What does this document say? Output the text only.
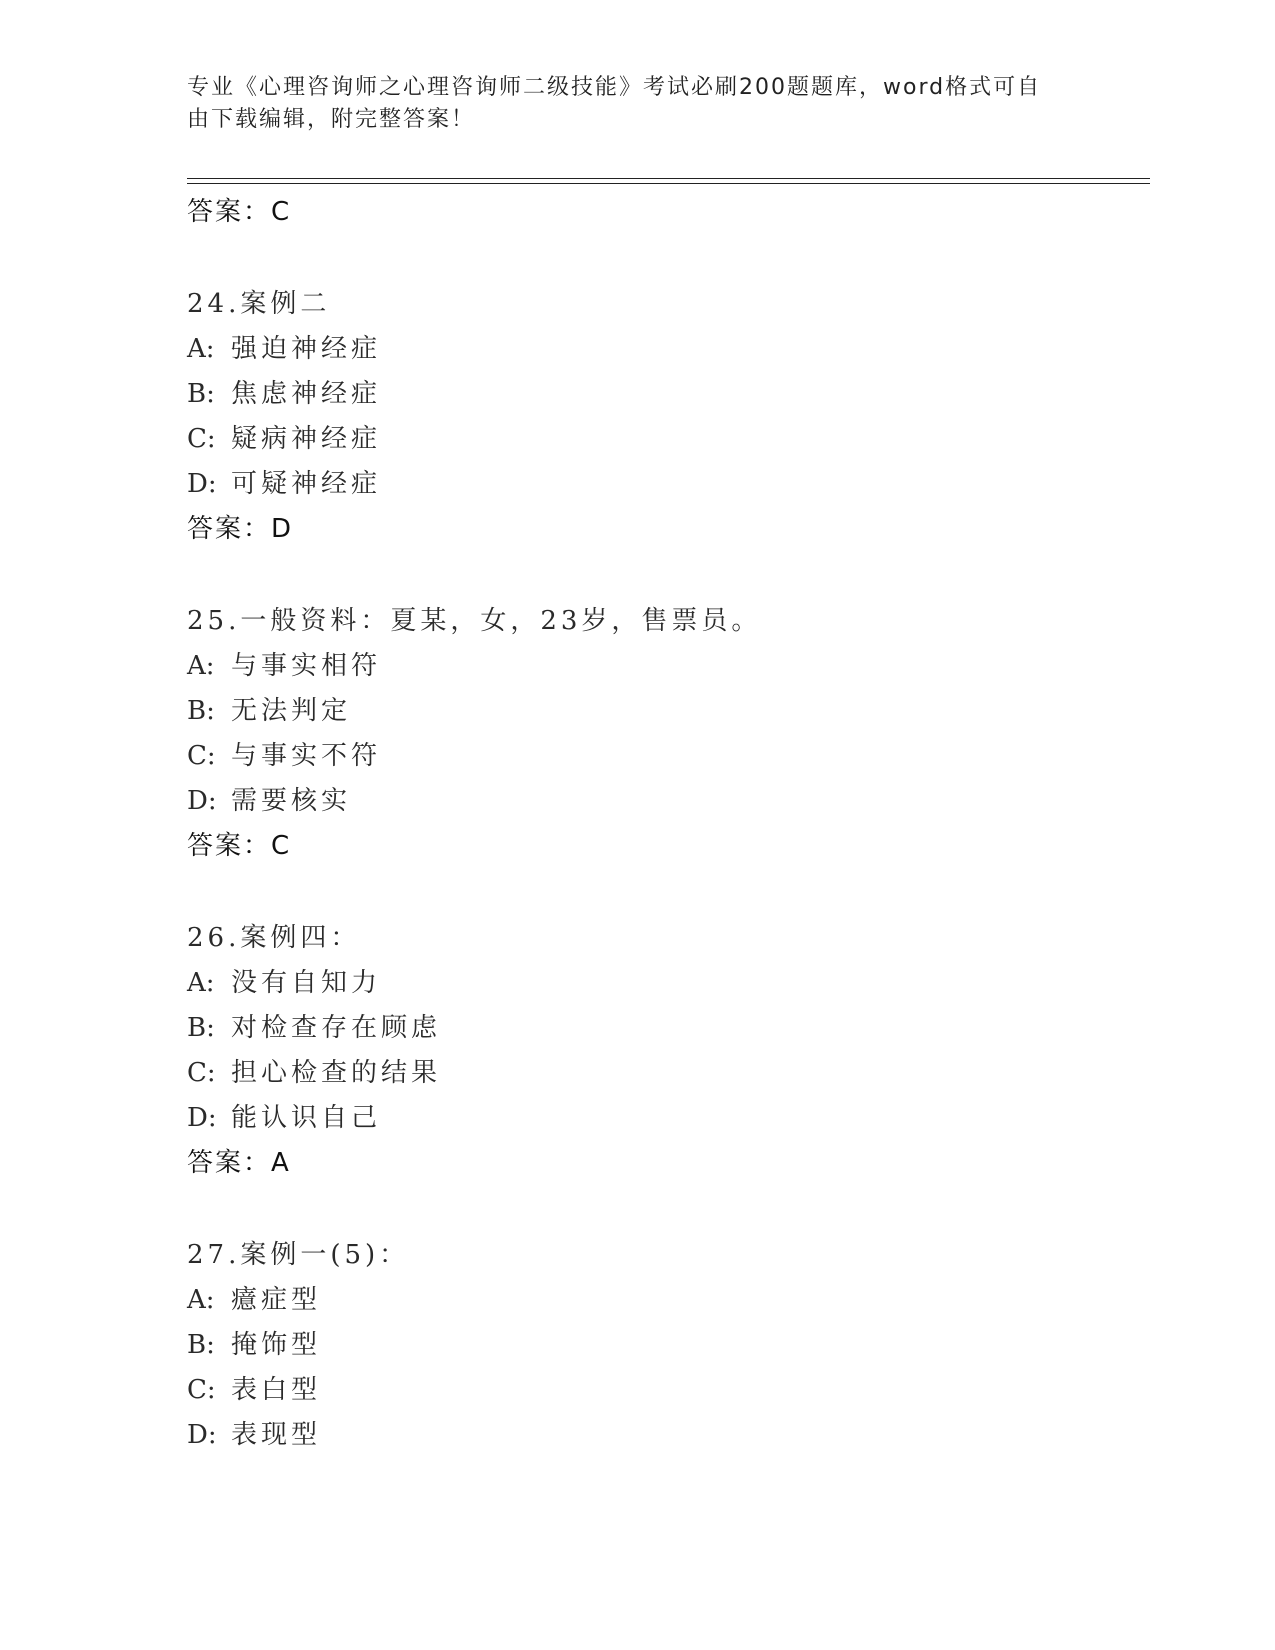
专业《心理咨询师之心理咨询师二级技能》考试必刷200题题库，word格式可自
由下载编辑，附完整答案！
答案：C
24.案例二
A: 强迫神经症
B: 焦虑神经症
C: 疑病神经症
D: 可疑神经症
答案：D
25.一般资料：夏某，女，23岁，售票员。
A: 与事实相符
B: 无法判定
C: 与事实不符
D: 需要核实
答案：C
26.案例四：
A: 没有自知力
B: 对检查存在顾虑
C: 担心检查的结果
D: 能认识自己
答案：A
27.案例一(5)：
A: 癔症型
B: 掩饰型
C: 表白型
D: 表现型
